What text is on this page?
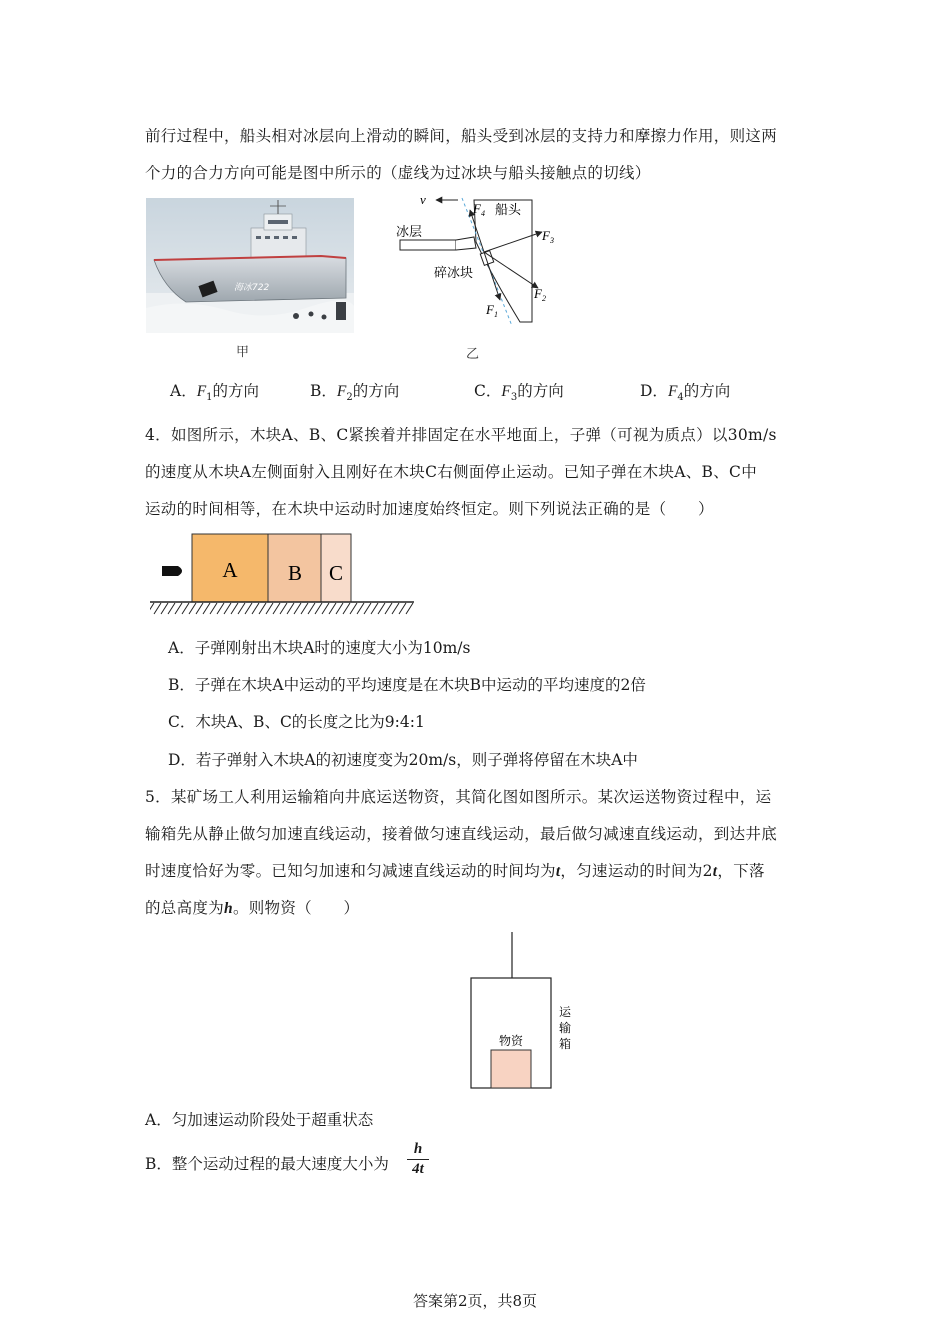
前行过程中，船头相对冰层向上滑动的瞬间，船头受到冰层的支持力和摩擦力作用，则这两
个力的合力方向可能是图中所示的（虚线为过冰块与船头接触点的切线）
海冰722
甲
v
$F_4$ 船头
$F_3$
冰层
碎冰块
$F_2$
$F_1$
乙
A．$F_1$的方向	B．$F_2$的方向	C．$F_3$的方向	D．$F_4$的方向
4．如图所示，木块A、B、C紧挨着并排固定在水平地面上，子弹（可视为质点）以30m/s
的速度从木块A左侧面射入且刚好在木块C右侧面停止运动。已知子弹在木块A、B、C中
运动的时间相等，在木块中运动时加速度始终恒定。则下列说法正确的是（　　）
A B C
A．子弹刚射出木块A时的速度大小为10m/s
B．子弹在木块A中运动的平均速度是在木块B中运动的平均速度的2倍
C．木块A、B、C的长度之比为9:4:1
D．若子弹射入木块A的初速度变为20m/s，则子弹将停留在木块A中
5．某矿场工人利用运输箱向井底运送物资，其简化图如图所示。某次运送物资过程中，运
输箱先从静止做匀加速直线运动，接着做匀速直线运动，最后做匀减速直线运动，到达井底
时速度恰好为零。已知匀加速和匀减速直线运动的时间均为t，匀速运动的时间为2t，下落
的总高度为h。则物资（　　）
物资
运
输
箱
A．匀加速运动阶段处于超重状态
B．整个运动过程的最大速度大小为 $\frac{h}{4t}$
答案第2页，共8页
